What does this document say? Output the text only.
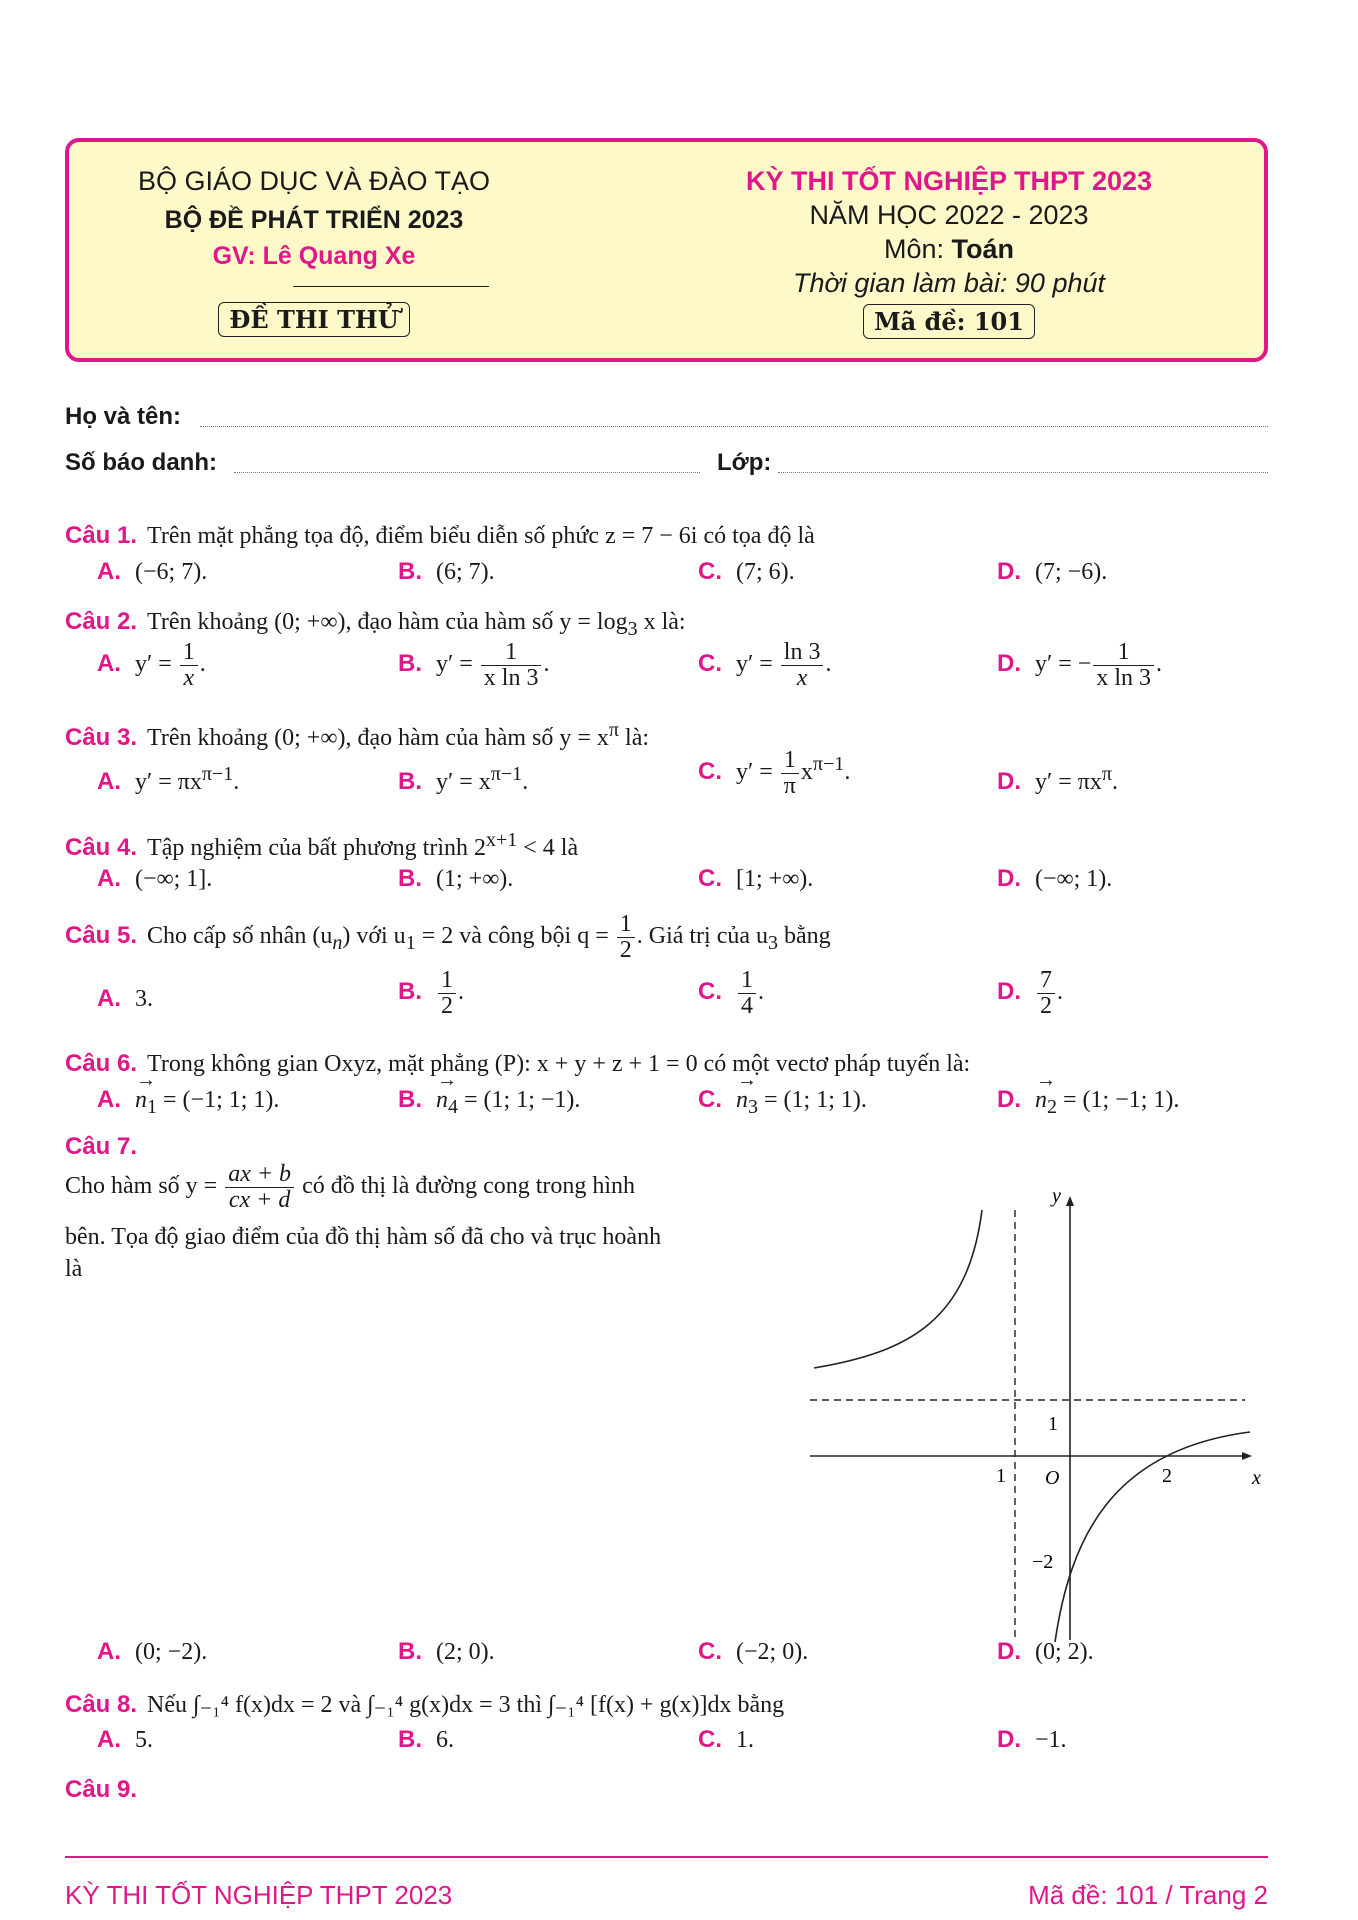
BỘ GIÁO DỤC VÀ ĐÀO TẠO
BỘ ĐỀ PHÁT TRIỂN 2023
GV: Lê Quang Xe
ĐỀ THI THỬ
KỲ THI TỐT NGHIỆP THPT 2023
NĂM HỌC 2022 - 2023
Môn: Toán
Thời gian làm bài: 90 phút
Mã đề: 101
Họ và tên:
Số báo danh:	Lớp:
Câu 1. Trên mặt phẳng tọa độ, điểm biểu diễn số phức z = 7 − 6i có tọa độ là
A. (−6; 7).	B. (6; 7).	C. (7; 6).	D. (7; −6).
Câu 2. Trên khoảng (0; +∞), đạo hàm của hàm số $y = \log_3 x$ là:
A. $y' = \frac{1}{x}$ .	B. $y' = \frac{1}{\text{x ln 3}}$ .	C. $y' = \frac{\ln 3}{x}$ .	D. y′ = − $\frac{1}{\text{x ln 3}}$ .
Câu 3. Trên khoảng (0; +∞), đạo hàm của hàm số $y = x^\pi$ là:
A. $y' = \pi x^{\pi-1}$.	B. $y' = x^{\pi-1}$.	C. $y' = \frac{1}{\pi} x^{\pi-1}$.	D. $y' = \pi x^\pi$.
Câu 4. Tập nghiệm của bất phương trình $2^{x+1} < 4$ là
A. (−∞; 1].	B. (1; +∞).	C. [1; +∞).	D. (−∞; 1).
Câu 5. Cho cấp số nhân $(u_n)$ với $u_1 = 2$ và công bội $q = \frac{1}{2}$ . Giá trị của $u_3$ bằng
A. 3.	B. $\frac{1}{2}$ .	C. $\frac{1}{4}$ .	D. $\frac{7}{2}$ .
Câu 6. Trong không gian Oxyz, mặt phẳng (P): x + y + z + 1 = 0 có một vectơ pháp tuyến là:
$A.\to n_1 = (-1$; 1; 1).	$B.\to n_4 = (1$; 1; −1).	$C.\to n_3 = (1$; 1; 1).	$D.\to n_2 = (1$; −1; 1).
Câu 7.
Cho hàm số $y = \frac{ax + b}{cx + d}$ có đồ thị là đường cong trong hình
bên. Tọa độ giao điểm của đồ thị hàm số đã cho và trục hoành
là
y
x
O
1
1	2
−2
A. (0; −2).	B. (2; 0).	C. (−2; 0).	D. (0; 2).
Câu 8. Nếu ∫₋₁⁴ f(x)dx = 2 và ∫₋₁⁴ g(x)dx = 3 thì ∫₋₁⁴ [f(x) + g(x)]dx bằng
A. 5.	B. 6.	C. 1.	D. −1.
Câu 9.
KỲ THI TỐT NGHIỆP THPT 2023	Mã đề: 101 / Trang 2
